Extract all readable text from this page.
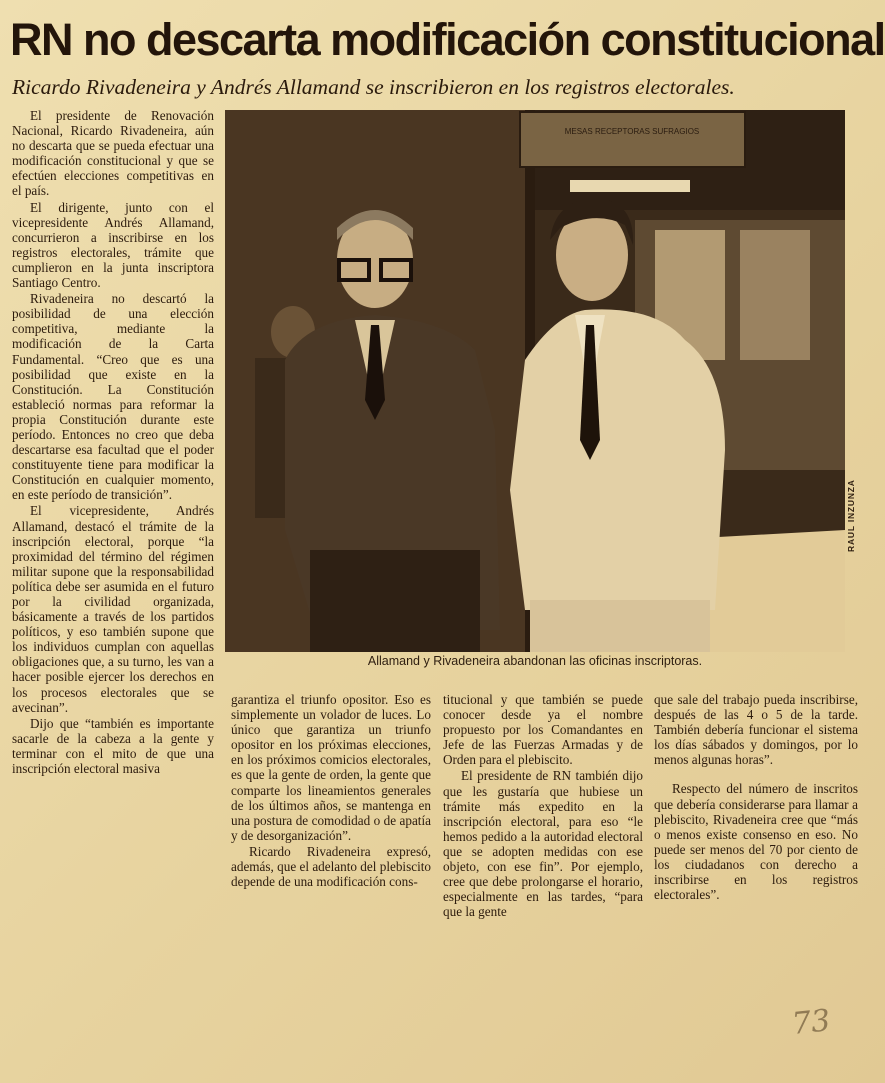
RN no descarta modificación constitucional
Ricardo Rivadeneira y Andrés Allamand se inscribieron en los registros electorales.

El presidente de Renovación Nacional, Ricardo Rivadeneira, aún no descarta que se pueda efectuar una modificación constitucional y que se efectúen elecciones competitivas en el país.

El dirigente, junto con el vicepresidente Andrés Allamand, concurrieron a inscribirse en los registros electorales, trámite que cumplieron en la junta inscriptora Santiago Centro.

Rivadeneira no descartó la posibilidad de una elección competitiva, mediante la modificación de la Carta Fundamental. “Creo que es una posibilidad que existe en la Constitución. La Constitución estableció normas para reformar la propia Constitución durante este período. Entonces no creo que deba descartarse esa facultad que el poder constituyente tiene para modificar la Constitución en cualquier momento, en este período de transición”.

El vicepresidente, Andrés Allamand, destacó el trámite de la inscripción electoral, porque “la proximidad del término del régimen militar supone que la responsabilidad política debe ser asumida en el futuro por la civilidad organizada, básicamente a través de los partidos políticos, y eso también supone que los individuos cumplan con aquellas obligaciones que, a su turno, les van a hacer posible ejercer los derechos en los procesos electorales que se avecinan”.

Dijo que “también es importante sacarle de la cabeza a la gente y terminar con el mito de que una inscripción electoral masiva

MESAS RECEPTORAS SUFRAGIOS
Allamand y Rivadeneira abandonan las oficinas inscriptoras.
RAUL INZUNZA

garantiza el triunfo opositor. Eso es simplemente un volador de luces. Lo único que garantiza un triunfo opositor en los próximas elecciones, en los próximos comicios electorales, es que la gente de orden, la gente que comparte los lineamientos generales de los últimos años, se mantenga en una postura de comodidad o de apatía y de desorganización”.

Ricardo Rivadeneira expresó, además, que el adelanto del plebiscito depende de una modificación cons-

titucional y que también se puede conocer desde ya el nombre propuesto por los Comandantes en Jefe de las Fuerzas Armadas y de Orden para el plebiscito.

El presidente de RN también dijo que les gustaría que hubiese un trámite más expedito en la inscripción electoral, para eso “le hemos pedido a la autoridad electoral que se adopten medidas con ese objeto, con ese fin”. Por ejemplo, cree que debe prolongarse el horario, especialmente en las tardes, “para que la gente

que sale del trabajo pueda inscribirse, después de las 4 o 5 de la tarde. También debería funcionar el sistema los días sábados y domingos, por lo menos algunas horas”.

Respecto del número de inscritos que debería considerarse para llamar a plebiscito, Rivadeneira cree que “más o menos existe consenso en eso. No puede ser menos del 70 por ciento de los ciudadanos con derecho a inscribirse en los registros electorales”.

73
